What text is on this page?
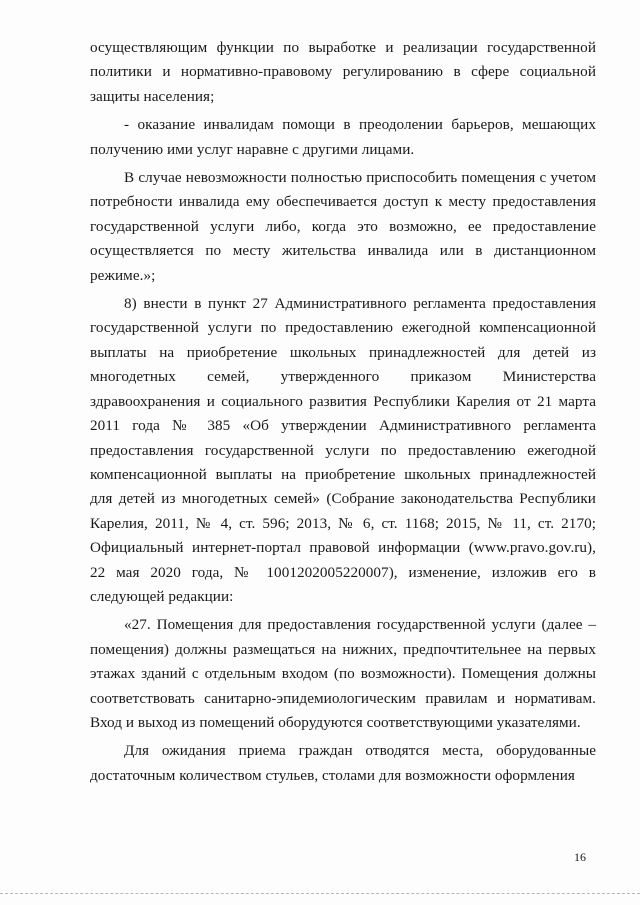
осуществляющим функции по выработке и реализации государственной политики и нормативно-правовому регулированию в сфере социальной защиты населения;

- оказание инвалидам помощи в преодолении барьеров, мешающих получению ими услуг наравне с другими лицами.

В случае невозможности полностью приспособить помещения с учетом потребности инвалида ему обеспечивается доступ к месту предоставления государственной услуги либо, когда это возможно, ее предоставление осуществляется по месту жительства инвалида или в дистанционном режиме.»;

8) внести в пункт 27 Административного регламента предоставления государственной услуги по предоставлению ежегодной компенсационной выплаты на приобретение школьных принадлежностей для детей из многодетных семей, утвержденного приказом Министерства здравоохранения и социального развития Республики Карелия от 21 марта 2011 года № 385 «Об утверждении Административного регламента предоставления государственной услуги по предоставлению ежегодной компенсационной выплаты на приобретение школьных принадлежностей для детей из многодетных семей» (Собрание законодательства Республики Карелия, 2011, № 4, ст. 596; 2013, № 6, ст. 1168; 2015, № 11, ст. 2170; Официальный интернет-портал правовой информации (www.pravo.gov.ru), 22 мая 2020 года, № 1001202005220007), изменение, изложив его в следующей редакции:

«27. Помещения для предоставления государственной услуги (далее – помещения) должны размещаться на нижних, предпочтительнее на первых этажах зданий с отдельным входом (по возможности). Помещения должны соответствовать санитарно-эпидемиологическим правилам и нормативам. Вход и выход из помещений оборудуются соответствующими указателями.

Для ожидания приема граждан отводятся места, оборудованные достаточным количеством стульев, столами для возможности оформления

16
